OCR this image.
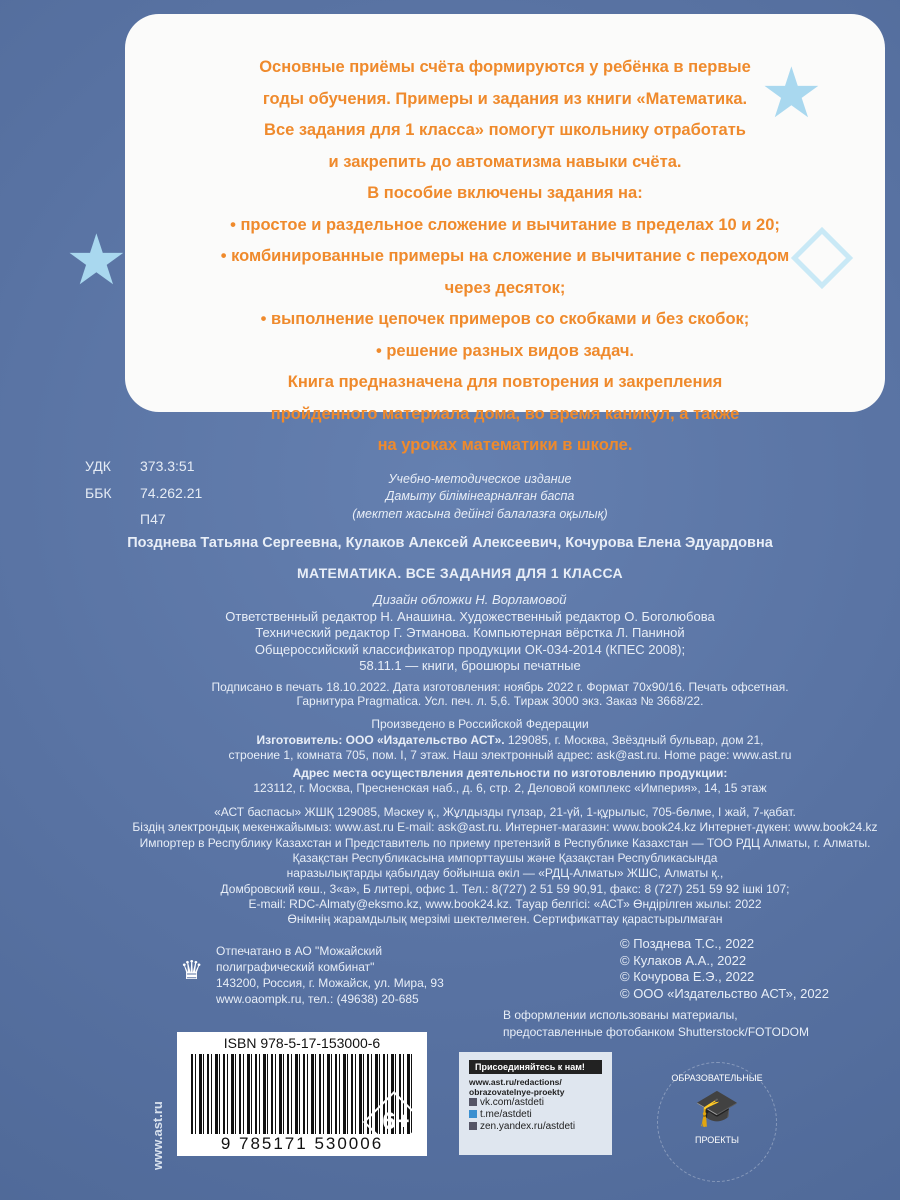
Основные приёмы счёта формируются у ребёнка в первые

годы обучения. Примеры и задания из книги «Математика.

Все задания для 1 класса» помогут школьнику отработать

и закрепить до автоматизма навыки счёта.

В пособие включены задания на:

• простое и раздельное сложение и вычитание в пределах 10 и 20;

• комбинированные примеры на сложение и вычитание с переходом

через десяток;

• выполнение цепочек примеров со скобками и без скобок;

• решение разных видов задач.

Книга предназначена для повторения и закрепления

пройденного материала дома, во время каникул, а также

на уроках математики в школе.

★
★
УДК 373.3:51
ББК 74.262.21
П47
Учебно-методическое издание
Дамыту білімінеарналған баспа
(мектеп жасына дейінгі балалазға оқылық)
Позднева Татьяна Сергеевна, Кулаков Алексей Алексеевич, Кочурова Елена Эдуардовна
МАТЕМАТИКА. ВСЕ ЗАДАНИЯ ДЛЯ 1 КЛАССА
Дизайн обложки Н. Ворламовой
Ответственный редактор Н. Анашина. Художественный редактор О. Боголюбова
Технический редактор Г. Этманова. Компьютерная вёрстка Л. Паниной
Общероссийский классификатор продукции ОК-034-2014 (КПЕС 2008);
58.11.1 — книги, брошюры печатные
Подписано в печать 18.10.2022. Дата изготовления: ноябрь 2022 г. Формат 70x90/16. Печать офсетная.
Гарнитура Pragmatica. Усл. печ. л. 5,6. Тираж 3000 экз. Заказ № 3668/22.
Произведено в Российской Федерации
Изготовитель: ООО «Издательство АСТ». 129085, г. Москва, Звёздный бульвар, дом 21,
строение 1, комната 705, пом. I, 7 этаж. Наш электронный адрес: ask@ast.ru. Home page: www.ast.ru
Адрес места осуществления деятельности по изготовлению продукции:
123112, г. Москва, Пресненская наб., д. 6, стр. 2, Деловой комплекс «Империя», 14, 15 этаж
«АСТ баспасы» ЖШҚ 129085, Мәскеу қ., Жұлдызды гүлзар, 21-үй, 1-құрылыс, 705-бөлме, I жай, 7-қабат.
Біздің электрондық мекенжайымыз: www.ast.ru E-mail: ask@ast.ru. Интернет-магазин: www.book24.kz Интернет-дүкен: www.book24.kz
Импортер в Республику Казахстан и Представитель по приему претензий в Республике Казахстан — ТОО РДЦ Алматы, г. Алматы.
Қазақстан Республикасына импорттаушы және Қазақстан Республикасында
наразылықтарды қабылдау бойынша өкіл — «РДЦ-Алматы» ЖШС, Алматы қ.,
Домбровский көш., 3«а», Б литері, офис 1. Тел.: 8(727) 2 51 59 90,91, факс: 8 (727) 251 59 92 ішкі 107;
E-mail: RDC-Almaty@eksmo.kz, www.book24.kz. Тауар белгісі: «АСТ» Өндірілген жылы: 2022
Өнімнің жарамдылық мерзімі шектелмеген. Сертификаттау қарастырылмаған
♛
Отпечатано в АО "Можайский
полиграфический комбинат"
143200, Россия, г. Можайск, ул. Мира, 93
www.oaompk.ru, тел.: (49638) 20-685
© Позднева Т.С., 2022
© Кулаков А.А., 2022
© Кочурова Е.Э., 2022
© ООО «Издательство АСТ», 2022
В оформлении использованы материалы,
предоставленные фотобанком Shutterstock/FOTODOM
www.ast.ru
ISBN 978-5-17-153000-6
9 785171 530006
6+
Присоединяйтесь к нам!
www.ast.ru/redactions/ obrazovatelnye-proekty
vk.com/astdeti
t.me/astdeti
zen.yandex.ru/astdeti
ОБРАЗОВАТЕЛЬНЫЕ
🎓
ПРОЕКТЫ
